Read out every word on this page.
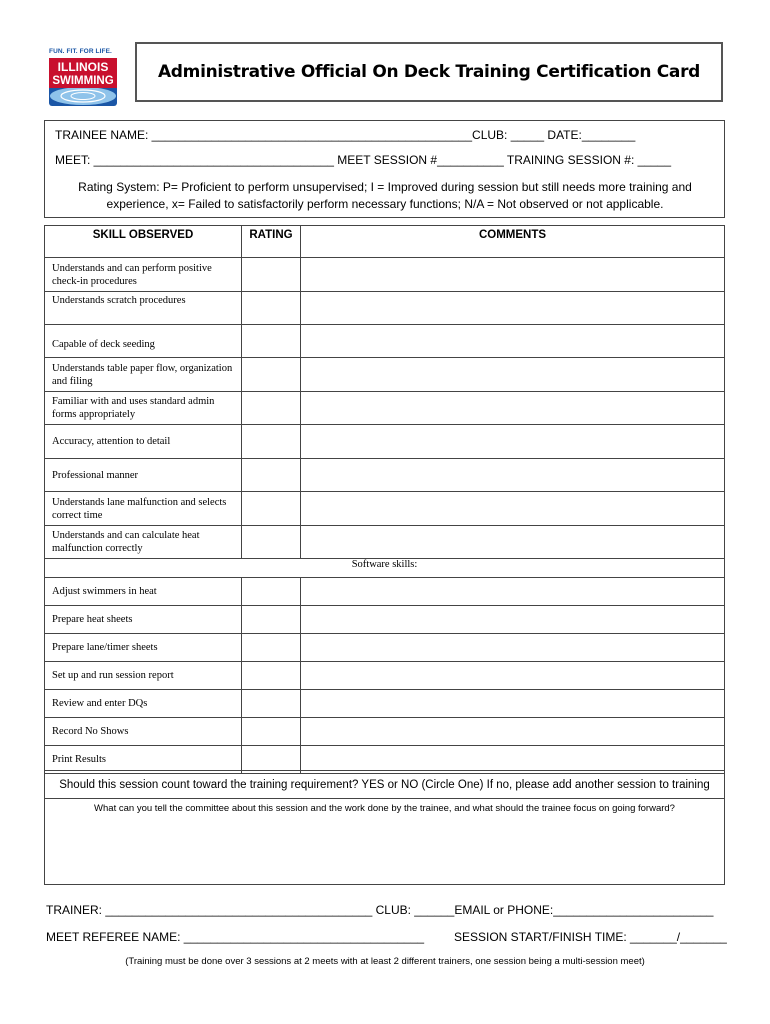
FUN. FIT. FOR LIFE.
ILLINOIS
SWIMMING	Administrative Official On Deck Training Certification Card
TRAINEE NAME: ________________________________________________CLUB: _____ DATE:________
MEET: ____________________________________ MEET SESSION #__________ TRAINING SESSION #: _____
Rating System: P= Proficient to perform unsupervised; I = Improved during session but still needs more training and experience, x= Failed to satisfactorily perform necessary functions; N/A = Not observed or not applicable.
SKILL OBSERVED	RATING	COMMENTS
Understands and can perform positive check-in procedures		
Understands scratch procedures		
Capable of deck seeding		
Understands table paper flow, organization and filing		
Familiar with and uses standard admin forms appropriately		
Accuracy, attention to detail		
Professional manner		
Understands lane malfunction and selects correct time		
Understands and can calculate heat malfunction correctly		
Software skills:		
Adjust swimmers in heat		
Prepare heat sheets		
Prepare lane/timer sheets		
Set up and run session report		
Review and enter DQs		
Record No Shows		
Print Results		
Should this session count toward the training requirement? YES or NO (Circle One) If no, please add another session to training
What can you tell the committee about this session and the work done by the trainee, and what should the trainee focus on going forward?
TRAINER: ________________________________________ CLUB: ______EMAIL or PHONE:________________________
MEET REFEREE NAME: ____________________________________ SESSION START/FINISH TIME: _______/_______
(Training must be done over 3 sessions at 2 meets with at least 2 different trainers, one session being a multi-session meet)
